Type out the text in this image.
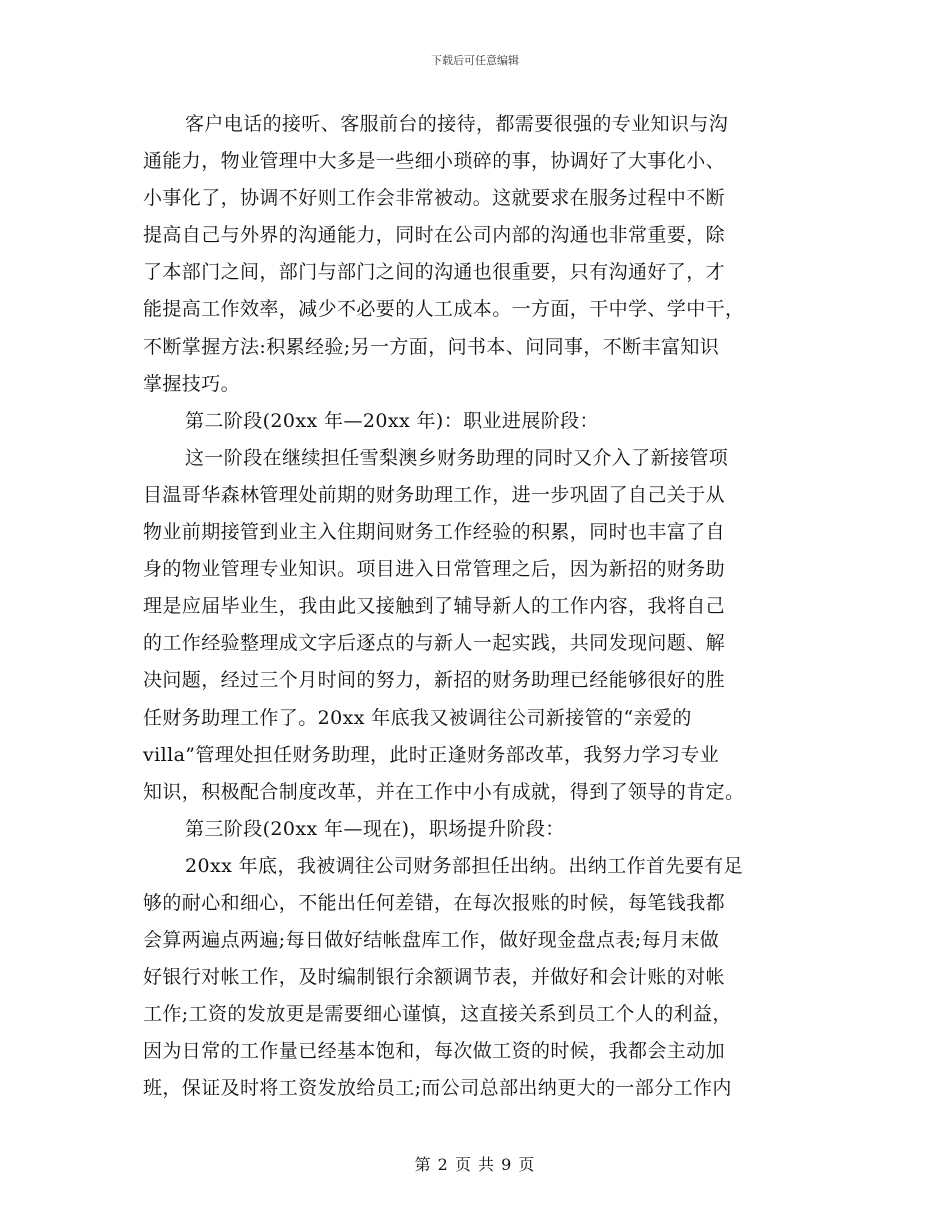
下载后可任意编辑
客户电话的接听、客服前台的接待，都需要很强的专业知识与沟
通能力，物业管理中大多是一些细小琐碎的事，协调好了大事化小、
小事化了，协调不好则工作会非常被动。这就要求在服务过程中不断
提高自己与外界的沟通能力，同时在公司内部的沟通也非常重要，除
了本部门之间，部门与部门之间的沟通也很重要，只有沟通好了，才
能提高工作效率，减少不必要的人工成本。一方面，干中学、学中干，
不断掌握方法:积累经验;另一方面，问书本、问同事，不断丰富知识
掌握技巧。
第二阶段(20xx 年—20xx 年)：职业进展阶段：
这一阶段在继续担任雪梨澳乡财务助理的同时又介入了新接管项
目温哥华森林管理处前期的财务助理工作，进一步巩固了自己关于从
物业前期接管到业主入住期间财务工作经验的积累，同时也丰富了自
身的物业管理专业知识。项目进入日常管理之后，因为新招的财务助
理是应届毕业生，我由此又接触到了辅导新人的工作内容，我将自己
的工作经验整理成文字后逐点的与新人一起实践，共同发现问题、解
决问题，经过三个月时间的努力，新招的财务助理已经能够很好的胜
任财务助理工作了。20xx 年底我又被调往公司新接管的“亲爱的
villa”管理处担任财务助理，此时正逢财务部改革，我努力学习专业
知识，积极配合制度改革，并在工作中小有成就，得到了领导的肯定。
第三阶段(20xx 年—现在)，职场提升阶段：
20xx 年底，我被调往公司财务部担任出纳。出纳工作首先要有足
够的耐心和细心，不能出任何差错，在每次报账的时候，每笔钱我都
会算两遍点两遍;每日做好结帐盘库工作，做好现金盘点表;每月末做
好银行对帐工作，及时编制银行余额调节表，并做好和会计账的对帐
工作;工资的发放更是需要细心谨慎，这直接关系到员工个人的利益，
因为日常的工作量已经基本饱和，每次做工资的时候，我都会主动加
班，保证及时将工资发放给员工;而公司总部出纳更大的一部分工作内
第 2 页 共 9 页
